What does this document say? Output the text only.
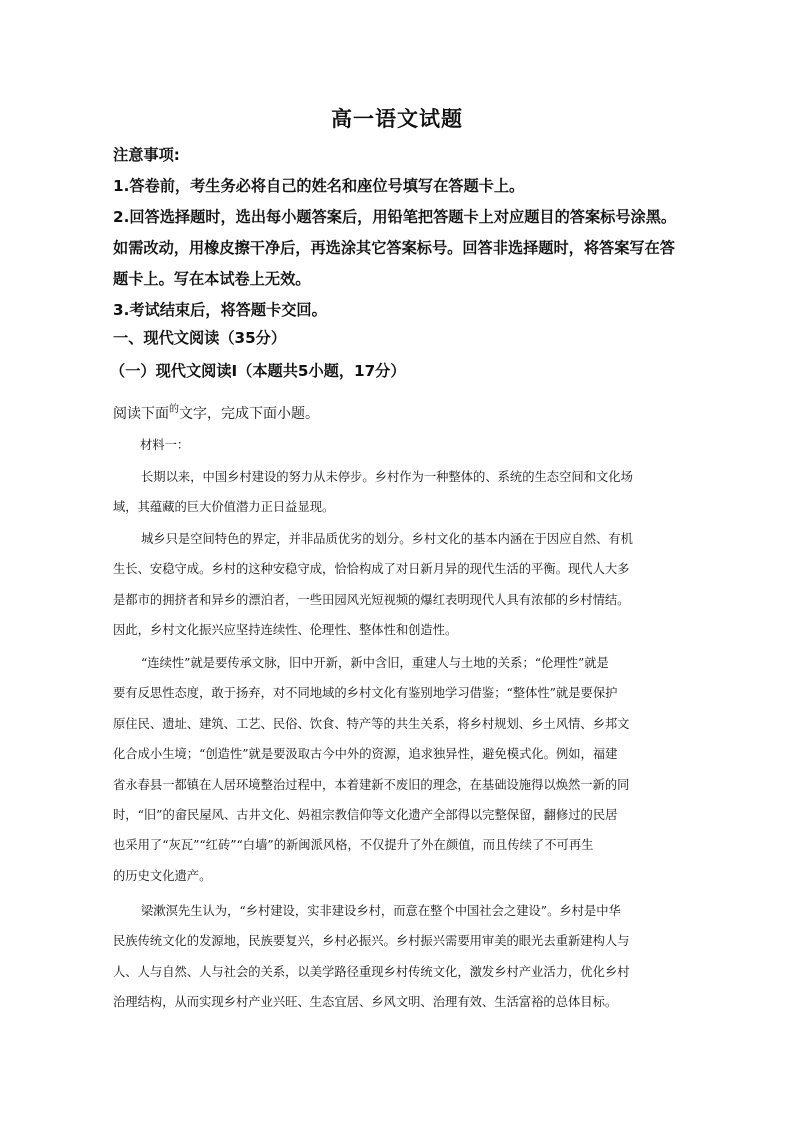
高一语文试题
注意事项:
1.答卷前，考生务必将自己的姓名和座位号填写在答题卡上。
2.回答选择题时，选出每小题答案后，用铅笔把答题卡上对应题目的答案标号涂黑。
如需改动，用橡皮擦干净后，再选涂其它答案标号。回答非选择题时，将答案写在答
题卡上。写在本试卷上无效。
3.考试结束后，将答题卡交回。
一、现代文阅读（35分）
（一）现代文阅读Ⅰ（本题共5小题，17分）
阅读下面$^的$文字，完成下面小题。
材料一：
长期以来，中国乡村建设的努力从未停步。乡村作为一种整体的、系统的生态空间和文化场
域，其蕴藏的巨大价值潜力正日益显现。
城乡只是空间特色的界定，并非品质优劣的划分。乡村文化的基本内涵在于因应自然、有机
生长、安稳守成。乡村的这种安稳守成，恰恰构成了对日新月异的现代生活的平衡。现代人大多
是都市的拥挤者和异乡的漂泊者，一些田园风光短视频的爆红表明现代人具有浓郁的乡村情结。
因此，乡村文化振兴应坚持连续性、伦理性、整体性和创造性。
“连续性”就是要传承文脉，旧中开新，新中含旧，重建人与土地的关系；“伦理性”就是
要有反思性态度，敢于扬弃，对不同地域的乡村文化有鉴别地学习借鉴；“整体性”就是要保护
原住民、遗址、建筑、工艺、民俗、饮食、特产等的共生关系，将乡村规划、乡土风情、乡邦文
化合成小生境；“创造性”就是要汲取古今中外的资源，追求独异性，避免模式化。例如，福建
省永春县一都镇在人居环境整治过程中，本着建新不废旧的理念，在基础设施得以焕然一新的同
时，“旧”的畲民屋风、古井文化、妈祖宗教信仰等文化遗产全部得以完整保留，翻修过的民居
也采用了“灰瓦”“红砖”“白墙”的新闽派风格，不仅提升了外在颜值，而且传续了不可再生
的历史文化遗产。
梁漱溟先生认为，“乡村建设，实非建设乡村，而意在整个中国社会之建设”。乡村是中华
民族传统文化的发源地，民族要复兴，乡村必振兴。乡村振兴需要用审美的眼光去重新建构人与
人、人与自然、人与社会的关系，以美学路径重现乡村传统文化，激发乡村产业活力，优化乡村
治理结构，从而实现乡村产业兴旺、生态宜居、乡风文明、治理有效、生活富裕的总体目标。
